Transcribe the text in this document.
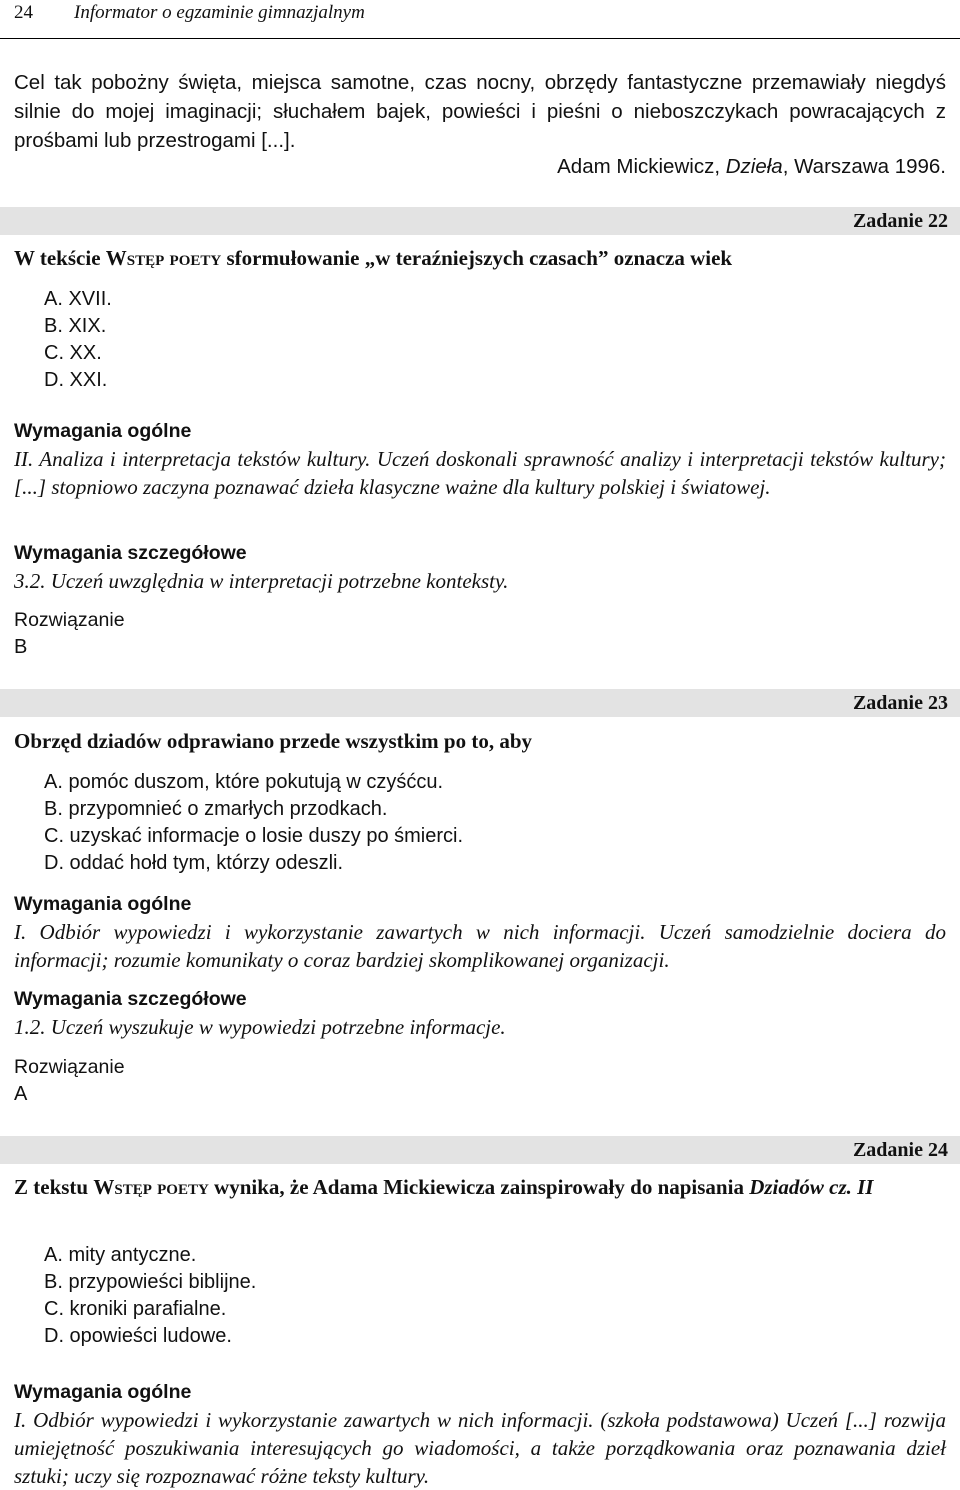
24 Informator o egzaminie gimnazjalnym
Cel tak pobożny święta, miejsca samotne, czas nocny, obrzędy fantastyczne przemawiały niegdyś silnie do mojej imaginacji; słuchałem bajek, powieści i pieśni o nieboszczykach powracających z prośbami lub przestrogami [...].
Adam Mickiewicz, Dzieła, Warszawa 1996.
Zadanie 22
W tekście Wstęp poety sformułowanie „w teraźniejszych czasach” oznacza wiek
A. XVII.
B. XIX.
C. XX.
D. XXI.
Wymagania ogólne
II. Analiza i interpretacja tekstów kultury. Uczeń doskonali sprawność analizy i interpretacji tekstów kultury; [...] stopniowo zaczyna poznawać dzieła klasyczne ważne dla kultury polskiej i światowej.
Wymagania szczegółowe
3.2. Uczeń uwzględnia w interpretacji potrzebne konteksty.
Rozwiązanie
B
Zadanie 23
Obrzęd dziadów odprawiano przede wszystkim po to, aby
A. pomóc duszom, które pokutują w czyśćcu.
B. przypomnieć o zmarłych przodkach.
C. uzyskać informacje o losie duszy po śmierci.
D. oddać hołd tym, którzy odeszli.
Wymagania ogólne
I. Odbiór wypowiedzi i wykorzystanie zawartych w nich informacji. Uczeń samodzielnie dociera do informacji; rozumie komunikaty o coraz bardziej skomplikowanej organizacji.
Wymagania szczegółowe
1.2. Uczeń wyszukuje w wypowiedzi potrzebne informacje.
Rozwiązanie
A
Zadanie 24
Z tekstu Wstęp poety wynika, że Adama Mickiewicza zainspirowały do napisania Dziadów cz. II
A. mity antyczne.
B. przypowieści biblijne.
C. kroniki parafialne.
D. opowieści ludowe.
Wymagania ogólne
I. Odbiór wypowiedzi i wykorzystanie zawartych w nich informacji. (szkoła podstawowa) Uczeń [...] rozwija umiejętność poszukiwania interesujących go wiadomości, a także porządkowania oraz poznawania dzieł sztuki; uczy się rozpoznawać różne teksty kultury.
